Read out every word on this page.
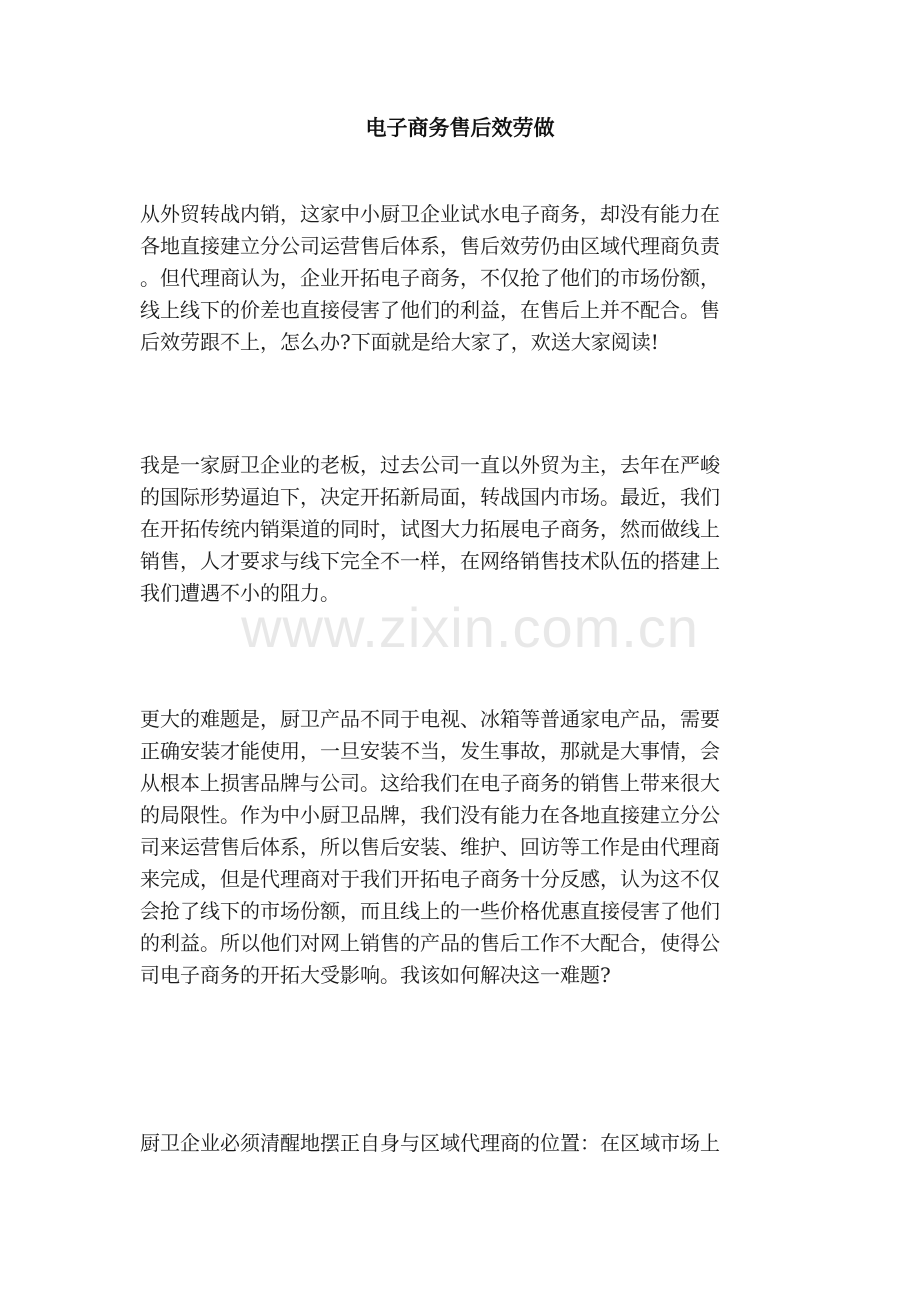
电子商务售后效劳做
从外贸转战内销，这家中小厨卫企业试水电子商务，却没有能力在
各地直接建立分公司运营售后体系，售后效劳仍由区域代理商负责
。但代理商认为，企业开拓电子商务，不仅抢了他们的市场份额，
线上线下的价差也直接侵害了他们的利益，在售后上并不配合。售
后效劳跟不上，怎么办?下面就是给大家了，欢送大家阅读!
我是一家厨卫企业的老板，过去公司一直以外贸为主，去年在严峻
的国际形势逼迫下，决定开拓新局面，转战国内市场。最近，我们
在开拓传统内销渠道的同时，试图大力拓展电子商务，然而做线上
销售，人才要求与线下完全不一样，在网络销售技术队伍的搭建上
我们遭遇不小的阻力。
www.zixin.com.cn
更大的难题是，厨卫产品不同于电视、冰箱等普通家电产品，需要
正确安装才能使用，一旦安装不当，发生事故，那就是大事情，会
从根本上损害品牌与公司。这给我们在电子商务的销售上带来很大
的局限性。作为中小厨卫品牌，我们没有能力在各地直接建立分公
司来运营售后体系，所以售后安装、维护、回访等工作是由代理商
来完成，但是代理商对于我们开拓电子商务十分反感，认为这不仅
会抢了线下的市场份额，而且线上的一些价格优惠直接侵害了他们
的利益。所以他们对网上销售的产品的售后工作不大配合，使得公
司电子商务的开拓大受影响。我该如何解决这一难题?
厨卫企业必须清醒地摆正自身与区域代理商的位置：在区域市场上
